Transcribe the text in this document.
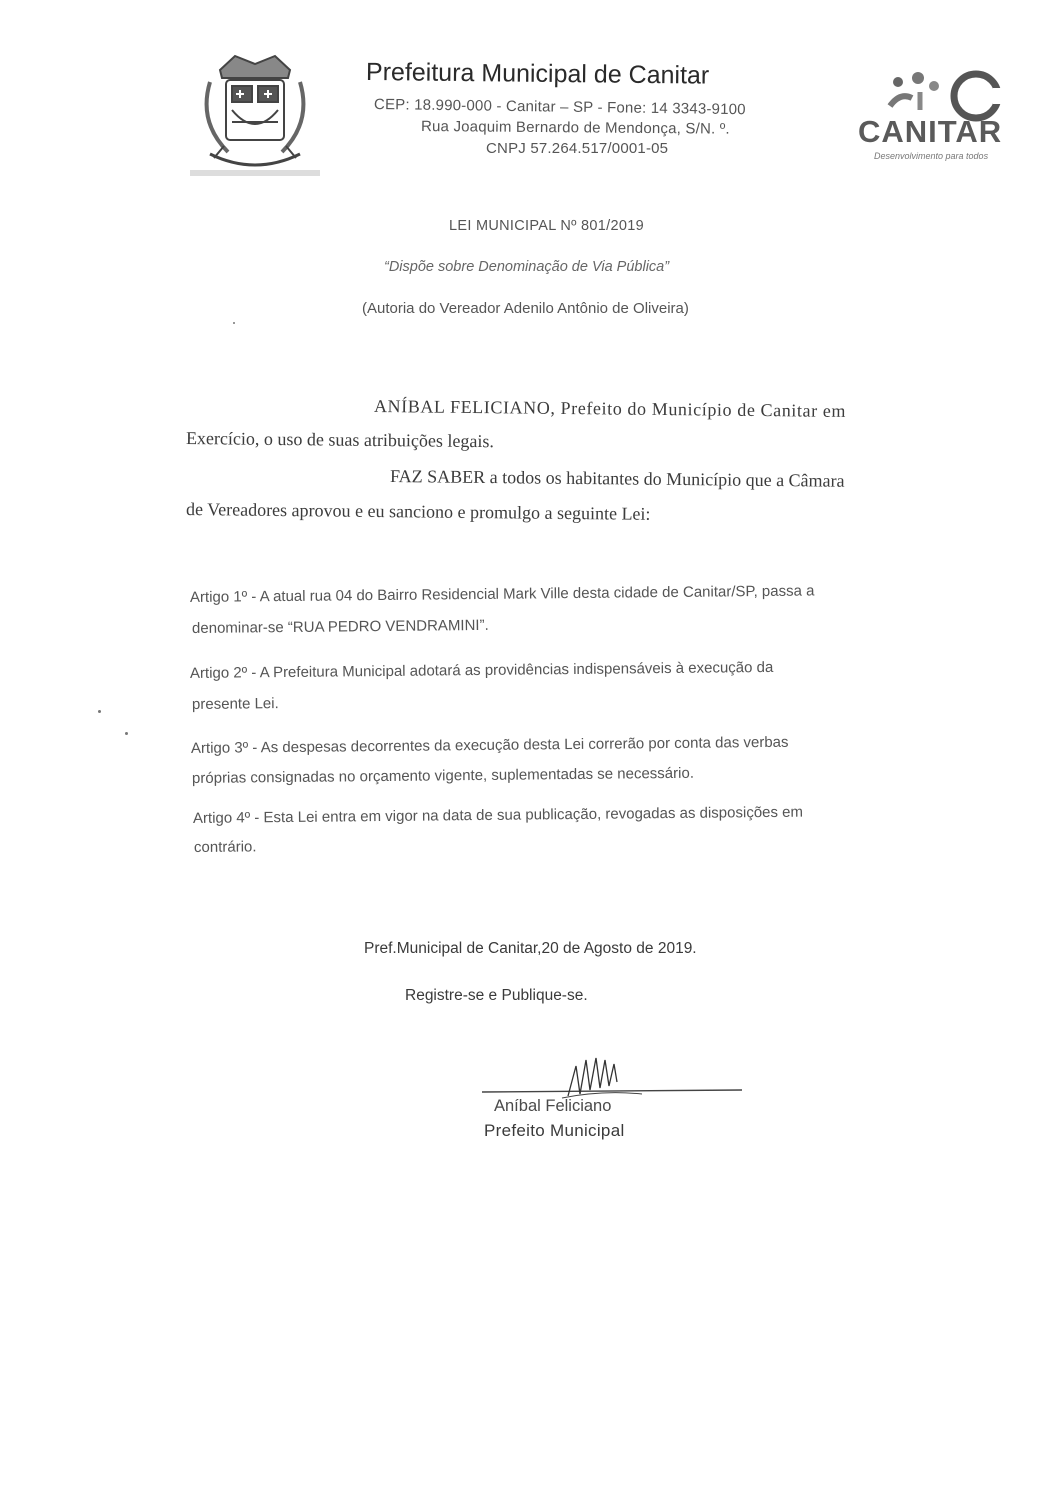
Prefeitura Municipal de Canitar
CEP: 18.990-000 - Canitar – SP - Fone: 14 3343-9100
Rua Joaquim Bernardo de Mendonça, S/N. º.
CNPJ 57.264.517/0001-05	CANITAR
Desenvolvimento para todos
LEI MUNICIPAL Nº 801/2019
“Dispõe sobre Denominação de Via Pública”
(Autoria do Vereador Adenilo Antônio de Oliveira)
ANÍBAL FELICIANO, Prefeito do Município de Canitar em
Exercício, o uso de suas atribuições legais.
FAZ SABER a todos os habitantes do Município que a Câmara
de Vereadores aprovou e eu sanciono e promulgo a seguinte Lei:
Artigo 1º - A atual rua 04 do Bairro Residencial Mark Ville desta cidade de Canitar/SP, passa a
denominar-se “RUA PEDRO VENDRAMINI”.
Artigo 2º - A Prefeitura Municipal adotará as providências indispensáveis à execução da
presente Lei.
Artigo 3º - As despesas decorrentes da execução desta Lei correrão por conta das verbas
próprias consignadas no orçamento vigente, suplementadas se necessário.
Artigo 4º - Esta Lei entra em vigor na data de sua publicação, revogadas as disposições em
contrário.
Pref.Municipal de Canitar,20 de Agosto de 2019.
Registre-se e Publique-se.
Aníbal Feliciano
Prefeito Municipal
